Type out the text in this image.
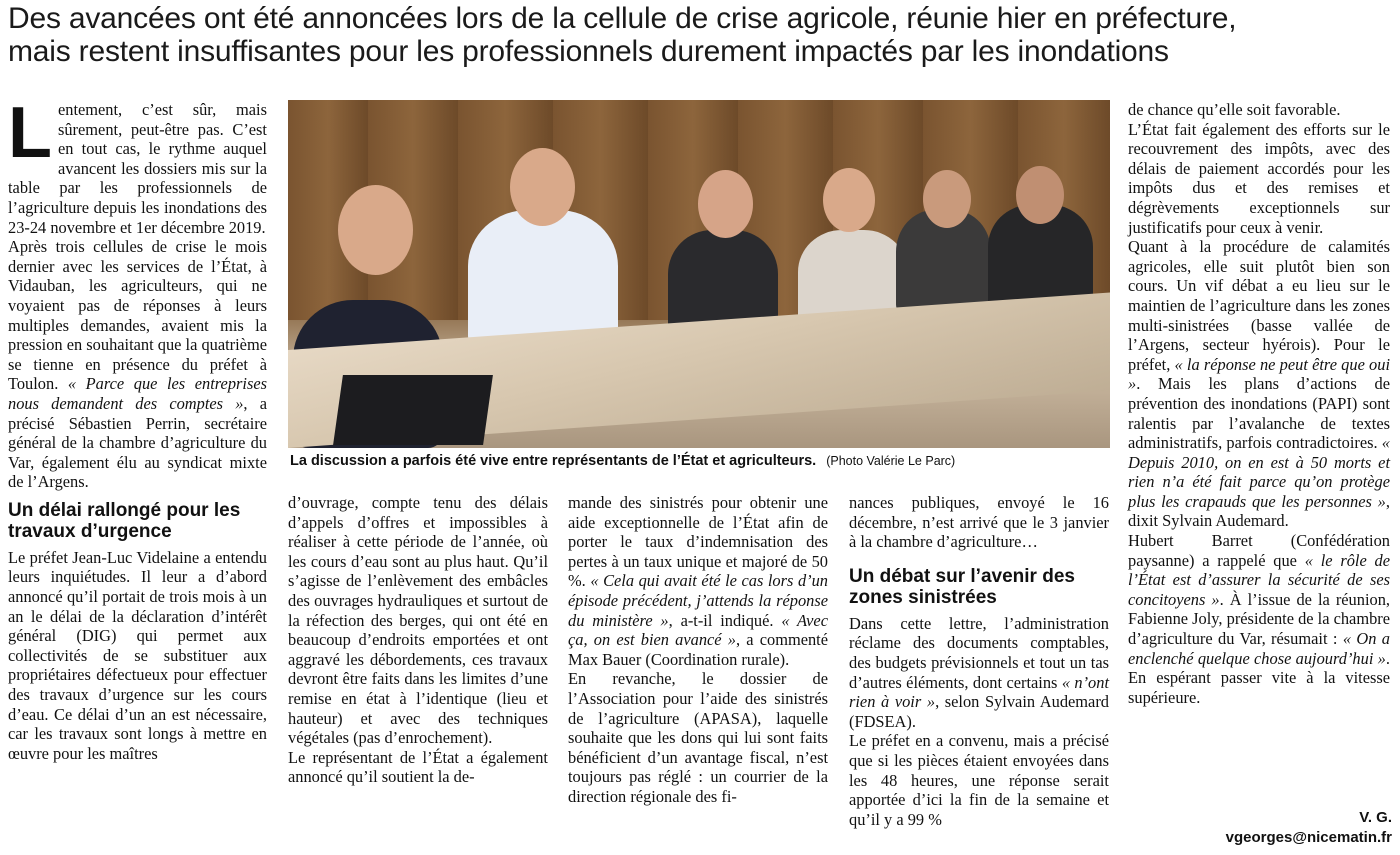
Des avancées ont été annoncées lors de la cellule de crise agricole, réunie hier en préfecture,
mais restent insuffisantes pour les professionnels durement impactés par les inondations

Lentement, c’est sûr, mais sûrement, peut-être pas. C’est en tout cas, le rythme auquel avancent les dossiers mis sur la table par les professionnels de l’agriculture depuis les inondations des 23-24 novembre et 1er décembre 2019.

Après trois cellules de crise le mois dernier avec les services de l’État, à Vidauban, les agriculteurs, qui ne voyaient pas de réponses à leurs multiples demandes, avaient mis la pression en souhaitant que la quatrième se tienne en présence du préfet à Toulon. « Parce que les entreprises nous demandent des comptes », a précisé Sébastien Perrin, secrétaire général de la chambre d’agriculture du Var, également élu au syndicat mixte de l’Argens.

Un délai rallongé pour les travaux d’urgence

Le préfet Jean-Luc Videlaine a entendu leurs inquiétudes. Il leur a d’abord annoncé qu’il portait de trois mois à un an le délai de la déclaration d’intérêt général (DIG) qui permet aux collectivités de se substituer aux propriétaires défectueux pour effectuer des travaux d’urgence sur les cours d’eau. Ce délai d’un an est nécessaire, car les travaux sont longs à mettre en œuvre pour les maîtres

La discussion a parfois été vive entre représentants de l’État et agriculteurs. (Photo Valérie Le Parc)

d’ouvrage, compte tenu des délais d’appels d’offres et impossibles à réaliser à cette période de l’année, où les cours d’eau sont au plus haut. Qu’il s’agisse de l’enlèvement des embâcles des ouvrages hydrauliques et surtout de la réfection des berges, qui ont été en beaucoup d’endroits emportées et ont aggravé les débordements, ces travaux devront être faits dans les limites d’une remise en état à l’identique (lieu et hauteur) et avec des techniques végétales (pas d’enrochement).

Le représentant de l’État a également annoncé qu’il soutient la de-

mande des sinistrés pour obtenir une aide exceptionnelle de l’État afin de porter le taux d’indemnisation des pertes à un taux unique et majoré de 50 %. « Cela qui avait été le cas lors d’un épisode précédent, j’attends la réponse du ministère », a-t-il indiqué. « Avec ça, on est bien avancé », a commenté Max Bauer (Coordination rurale).

En revanche, le dossier de l’Association pour l’aide des sinistrés de l’agriculture (APASA), laquelle souhaite que les dons qui lui sont faits bénéficient d’un avantage fiscal, n’est toujours pas réglé : un courrier de la direction régionale des fi-

nances publiques, envoyé le 16 décembre, n’est arrivé que le 3 janvier à la chambre d’agriculture…

Un débat sur l’avenir des zones sinistrées

Dans cette lettre, l’administration réclame des documents comptables, des budgets prévisionnels et tout un tas d’autres éléments, dont certains « n’ont rien à voir », selon Sylvain Audemard (FDSEA).

Le préfet en a convenu, mais a précisé que si les pièces étaient envoyées dans les 48 heures, une réponse serait apportée d’ici la fin de la semaine et qu’il y a 99 %

de chance qu’elle soit favorable.

L’État fait également des efforts sur le recouvrement des impôts, avec des délais de paiement accordés pour les impôts dus et des remises et dégrèvements exceptionnels sur justificatifs pour ceux à venir.

Quant à la procédure de calamités agricoles, elle suit plutôt bien son cours. Un vif débat a eu lieu sur le maintien de l’agriculture dans les zones multi-sinistrées (basse vallée de l’Argens, secteur hyérois). Pour le préfet, « la réponse ne peut être que oui ». Mais les plans d’actions de prévention des inondations (PAPI) sont ralentis par l’avalanche de textes administratifs, parfois contradictoires. « Depuis 2010, on en est à 50 morts et rien n’a été fait parce qu’on protège plus les crapauds que les personnes », dixit Sylvain Audemard.

Hubert Barret (Confédération paysanne) a rappelé que « le rôle de l’État est d’assurer la sécurité de ses concitoyens ». À l’issue de la réunion, Fabienne Joly, présidente de la chambre d’agriculture du Var, résumait : « On a enclenché quelque chose aujourd’hui ». En espérant passer vite à la vitesse supérieure.

V. G.
vgeorges@nicematin.fr
